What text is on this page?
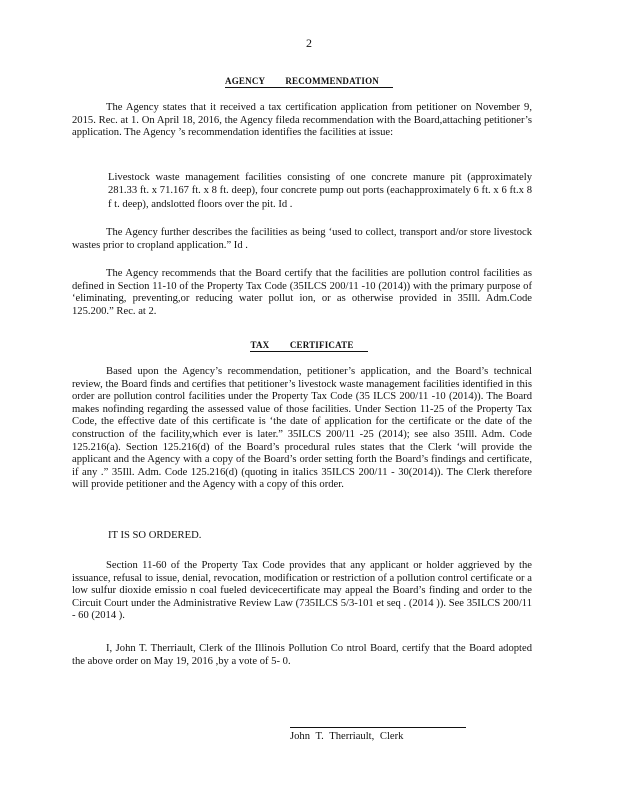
2
AGENCY RECOMMENDATION

The Agency states that it received a tax certification application from petitioner on November 9, 2015. Rec. at 1. On April 18, 2016, the Agency fileda recommendation with the Board,attaching petitioner’s application. The Agency ’s recommendation identifies the facilities at issue:

Livestock waste management facilities consisting of one concrete manure pit (approximately 281.33 ft. x 71.167 ft. x 8 ft. deep), four concrete pump out ports (eachapproximately 6 ft. x 6 ft.x 8 f t. deep), andslotted floors over the pit. Id .

The Agency further describes the facilities as being ‘used to collect, transport and/or store livestock wastes prior to cropland application.” Id .

The Agency recommends that the Board certify that the facilities are pollution control facilities as defined in Section 11-10 of the Property Tax Code (35ILCS 200/11 -10 (2014)) with the primary purpose of ‘eliminating, preventing,or reducing water pollut ion, or as otherwise provided in 35Ill. Adm.Code 125.200.” Rec. at 2.

TAX CERTIFICATE

Based upon the Agency’s recommendation, petitioner’s application, and the Board’s technical review, the Board finds and certifies that petitioner’s livestock waste management facilities identified in this order are pollution control facilities under the Property Tax Code (35 ILCS 200/11 -10 (2014)). The Board makes nofinding regarding the assessed value of those facilities. Under Section 11-25 of the Property Tax Code, the effective date of this certificate is ‘the date of application for the certificate or the date of the construction of the facility,which ever is later.” 35ILCS 200/11 -25 (2014); see also 35Ill. Adm. Code 125.216(a). Section 125.216(d) of the Board’s procedural rules states that the Clerk ‘will provide the applicant and the Agency with a copy of the Board’s order setting forth the Board’s findings and certificate, if any .” 35Ill. Adm. Code 125.216(d) (quoting in italics 35ILCS 200/11 - 30(2014)). The Clerk therefore will provide petitioner and the Agency with a copy of this order.

IT IS SO ORDERED.

Section 11-60 of the Property Tax Code provides that any applicant or holder aggrieved by the issuance, refusal to issue, denial, revocation, modification or restriction of a pollution control certificate or a low sulfur dioxide emissio n coal fueled devicecertificate may appeal the Board’s finding and order to the Circuit Court under the Administrative Review Law (735ILCS 5/3-101 et seq . (2014 )). See 35ILCS 200/11 - 60 (2014 ).

I, John T. Therriault, Clerk of the Illinois Pollution Co ntrol Board, certify that the Board adopted the above order on May 19, 2016 ,by a vote of 5- 0.

John T. Therriault, Clerk
